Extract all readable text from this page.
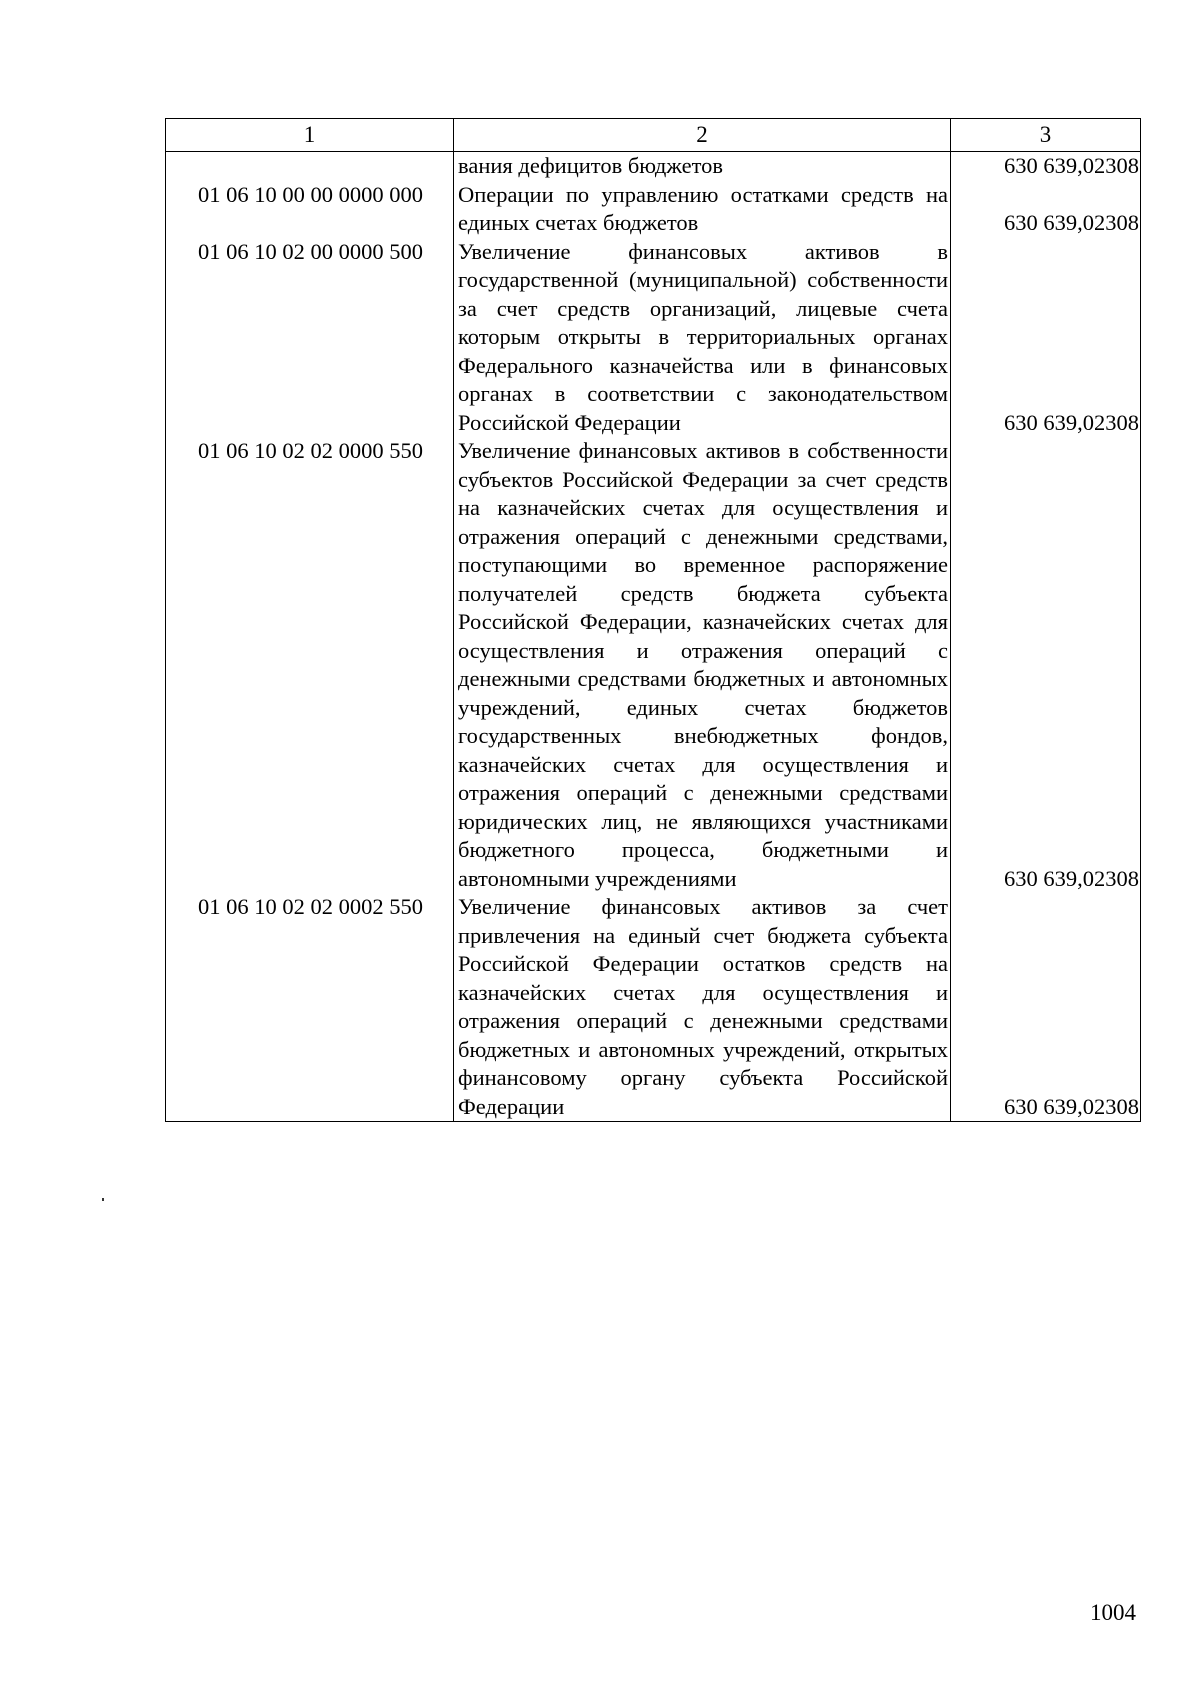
1	2	3
	вания дефицитов бюджетов	630 639,02308
01 06 10 00 00 0000 000	Операции по управлению остатками средств на единых счетах бюджетов	630 639,02308
01 06 10 02 00 0000 500	Увеличение финансовых активов в государственной (муниципальной) собственности за счет средств организаций, лицевые счета которым открыты в территориальных органах Федерального казначейства или в финансовых органах в соответствии с законодательством Российской Федерации	630 639,02308
01 06 10 02 02 0000 550	Увеличение финансовых активов в собственности субъектов Российской Федерации за счет средств на казначейских счетах для осуществления и отражения операций с денежными средствами, поступающими во временное распоряжение получателей средств бюджета субъекта Российской Федерации, казначейских счетах для осуществления и отражения операций с денежными средствами бюджетных и автономных учреждений, единых счетах бюджетов государственных внебюджетных фондов, казначейских счетах для осуществления и отражения операций с денежными средствами юридических лиц, не являющихся участниками бюджетного процесса, бюджетными и автономными учреждениями	630 639,02308
01 06 10 02 02 0002 550	Увеличение финансовых активов за счет привлечения на единый счет бюджета субъекта Российской Федерации остатков средств на казначейских счетах для осуществления и отражения операций с денежными средствами бюджетных и автономных учреждений, открытых финансовому органу субъекта Российской Федерации	630 639,02308
1004
